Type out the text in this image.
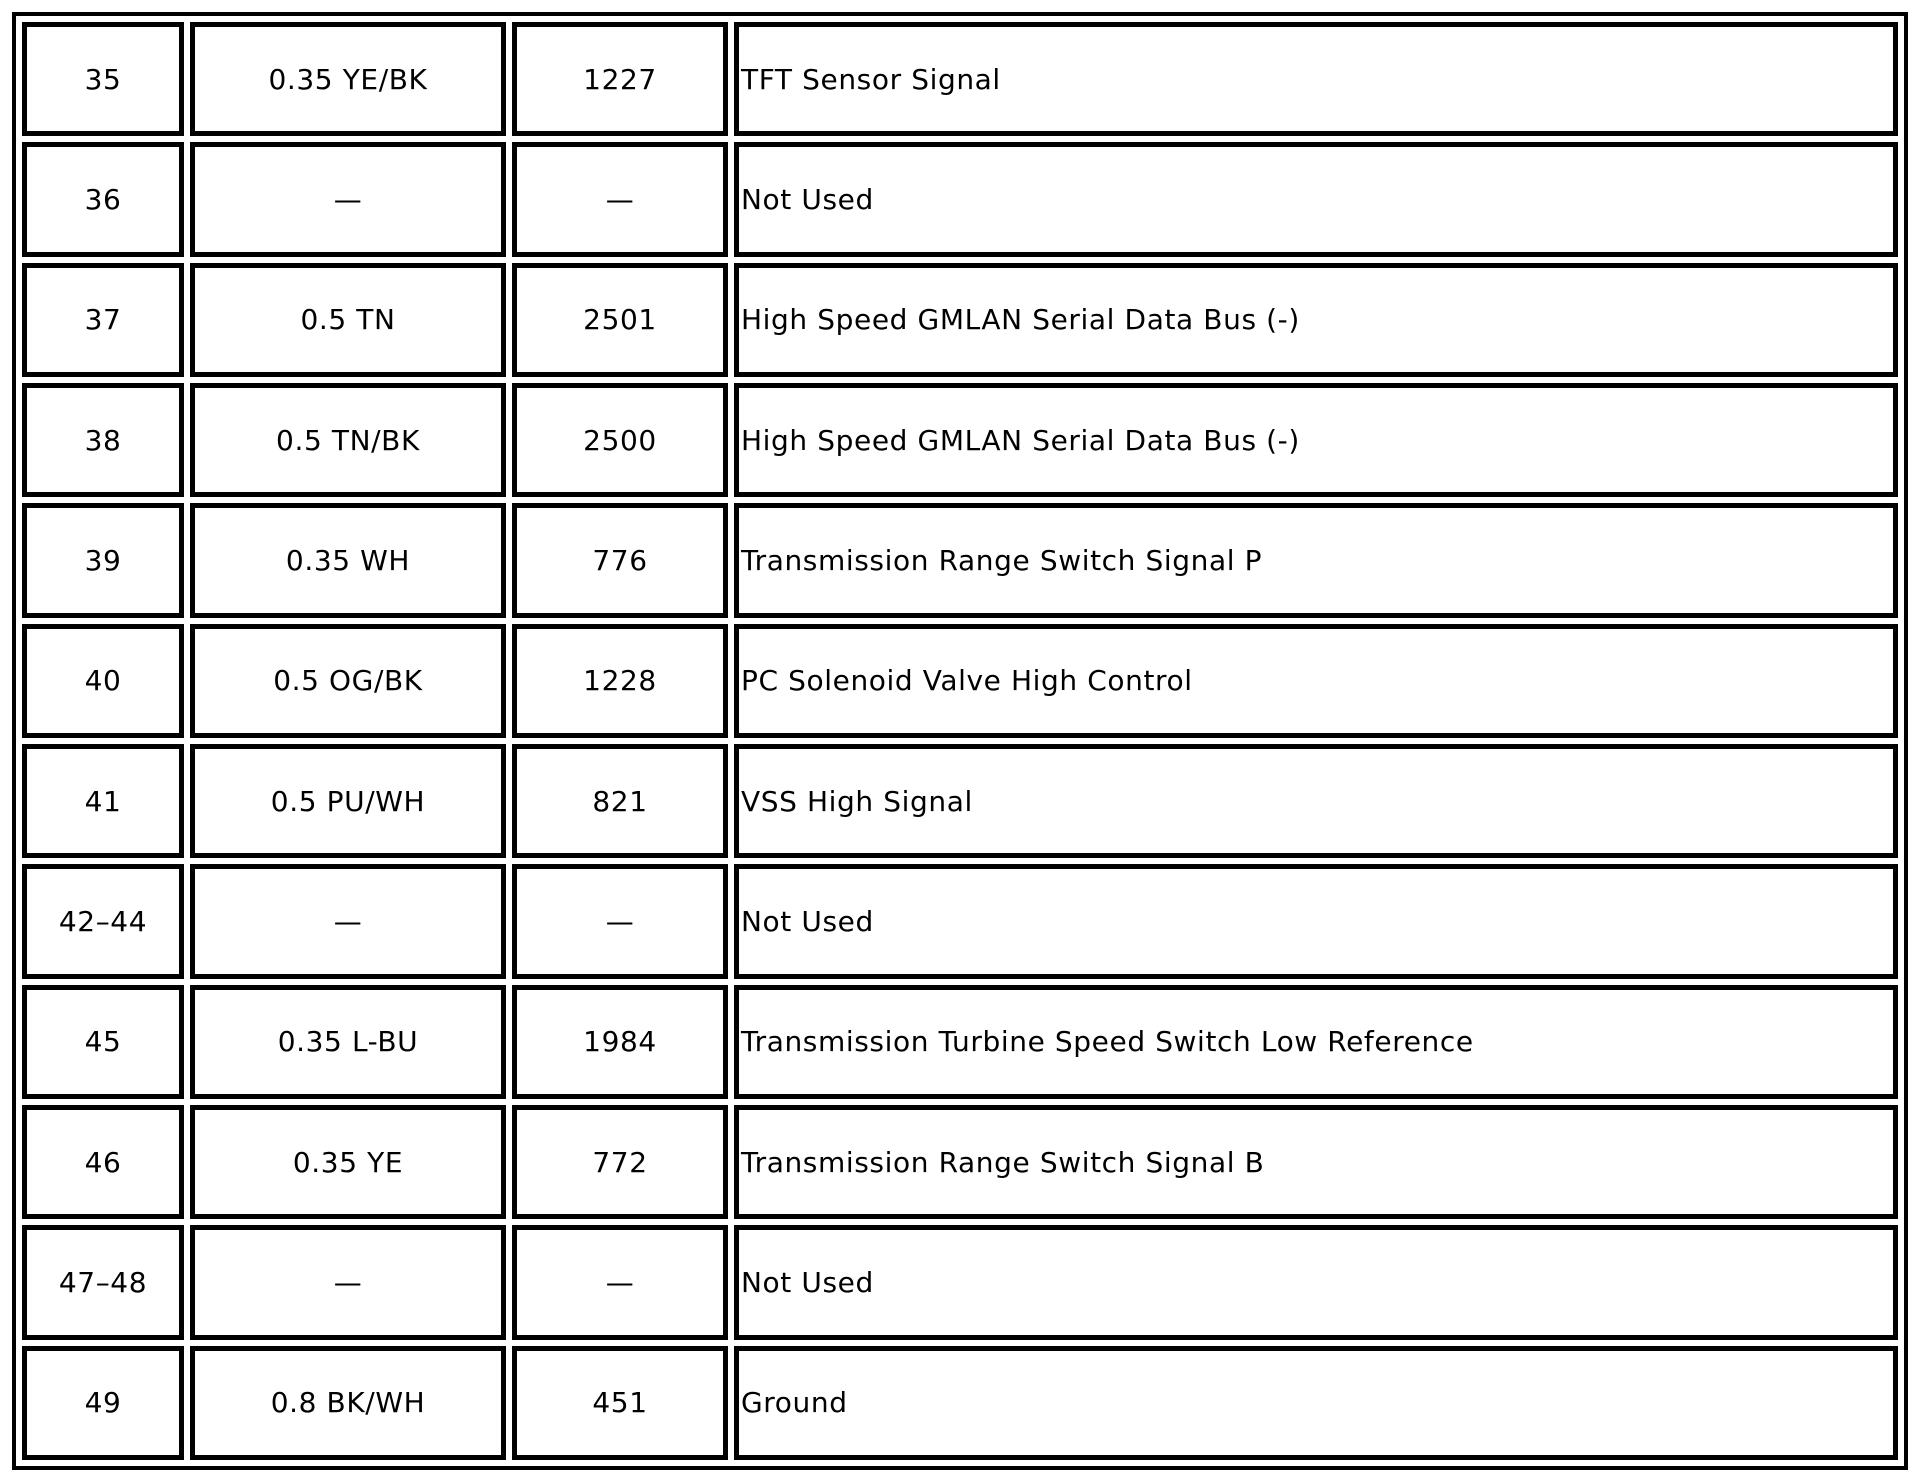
35	0.35 YE/BK	1227	TFT Sensor Signal
36	—	—	Not Used
37	0.5 TN	2501	High Speed GMLAN Serial Data Bus (-)
38	0.5 TN/BK	2500	High Speed GMLAN Serial Data Bus (-)
39	0.35 WH	776	Transmission Range Switch Signal P
40	0.5 OG/BK	1228	PC Solenoid Valve High Control
41	0.5 PU/WH	821	VSS High Signal
42–44	—	—	Not Used
45	0.35 L-BU	1984	Transmission Turbine Speed Switch Low Reference
46	0.35 YE	772	Transmission Range Switch Signal B
47–48	—	—	Not Used
49	0.8 BK/WH	451	Ground
